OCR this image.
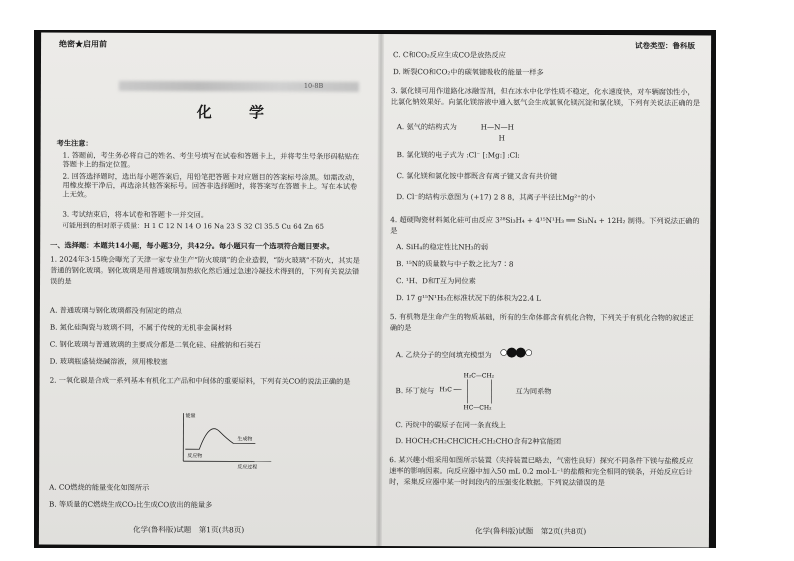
绝密★启用前
10-8B
化 学
考生注意：
1. 答题前，考生务必将自己的姓名、考生号填写在试卷和答题卡上，并将考生号条形码粘贴在答题卡上的指定位置。
2. 回答选择题时，选出每小题答案后，用铅笔把答题卡对应题目的答案标号涂黑。如需改动，用橡皮擦干净后，再选涂其他答案标号。回答非选择题时，将答案写在答题卡上。写在本试卷上无效。
3. 考试结束后，将本试卷和答题卡一并交回。
可能用到的相对原子质量：H 1 C 12 N 14 O 16 Na 23 S 32 Cl 35.5 Cu 64 Zn 65
一、选择题：本题共14小题，每小题3分，共42分。每小题只有一个选项符合题目要求。
1. 2024年3·15晚会曝光了天津一家专业生产“防火玻璃”的企业造假，“防火玻璃”不防火，其实是普通的钢化玻璃。钢化玻璃是用普通玻璃加热软化然后通过急速冷凝技术得到的，下列有关说法错误的是
A. 普通玻璃与钢化玻璃都没有固定的熔点
B. 氮化硅陶瓷与玻璃不同，不属于传统的无机非金属材料
C. 钢化玻璃与普通玻璃的主要成分都是二氧化硅、硅酸钠和石英石
D. 玻璃瓶盛装烧碱溶液，须用橡胶塞
2. 一氧化碳是合成一系列基本有机化工产品和中间体的重要原料，下列有关CO的说法正确的是
能量
反应物
生成物
反应过程
A. CO燃烧的能量变化如图所示
B. 等质量的C燃烧生成CO₂比生成CO放出的能量多
化学(鲁科版)试题　第1页(共8页)
试卷类型：鲁科版
C. C和CO₂反应生成CO是放热反应
D. 断裂CO和CO₂中的碳氧键吸收的能量一样多
3. 氯化镁可用作道路化冰融雪剂，但在冰水中化学性质不稳定，化水速度快，对车辆腐蚀性小，比氯化钠效果好。向氯化镁溶液中通入氨气会生成氯氧化镁沉淀和氯化镁，下列有关说法正确的是
A. 氨气的结构式为	H—N—H
H
B. 氯化镁的电子式为 :Cl⁻ [:Mg:] :Cl:
C. 氯化镁和氯化铵中都既含有离子键又含有共价键
D. Cl⁻的结构示意图为 (+17) 2 8 8，其离子半径比Mg²⁺的小
4. 超硬陶瓷材料氮化硅可由反应 3²⁸Si₃H₄ + 4¹⁵N¹H₃ ══ Si₃N₄ + 12H₂ 制得。下列说法正确的是
A. SiH₄的稳定性比NH₃的弱
B. ¹⁵N的质量数与中子数之比为7∶8
C. ¹H、D和T互为同位素
D. 17 g¹⁵N¹H₃在标准状况下的体积为22.4 L
5. 有机物是生命产生的物质基础，所有的生命体都含有机化合物，下列关于有机化合物的叙述正确的是
A. 乙炔分子的空间填充模型为
B. 环丁烷与
H₂C—CH₂
H₃C
HC—CH₂
互为同系物
C. 丙烷中的碳原子在同一条直线上
D. HOCH₂CH₂CHClCH₂CH₂CHO含有2种官能团
6. 某兴趣小组采用如图所示装置（夹持装置已略去，气密性良好）探究不同条件下镁与盐酸反应速率的影响因素。向反应器中加入50 mL 0.2 mol·L⁻¹的盐酸和完全相同的镁条，开始反应后计时，采集反应器中某一时间段内的压强变化数据。下列说法错误的是
化学(鲁科版)试题　第2页(共8页)
